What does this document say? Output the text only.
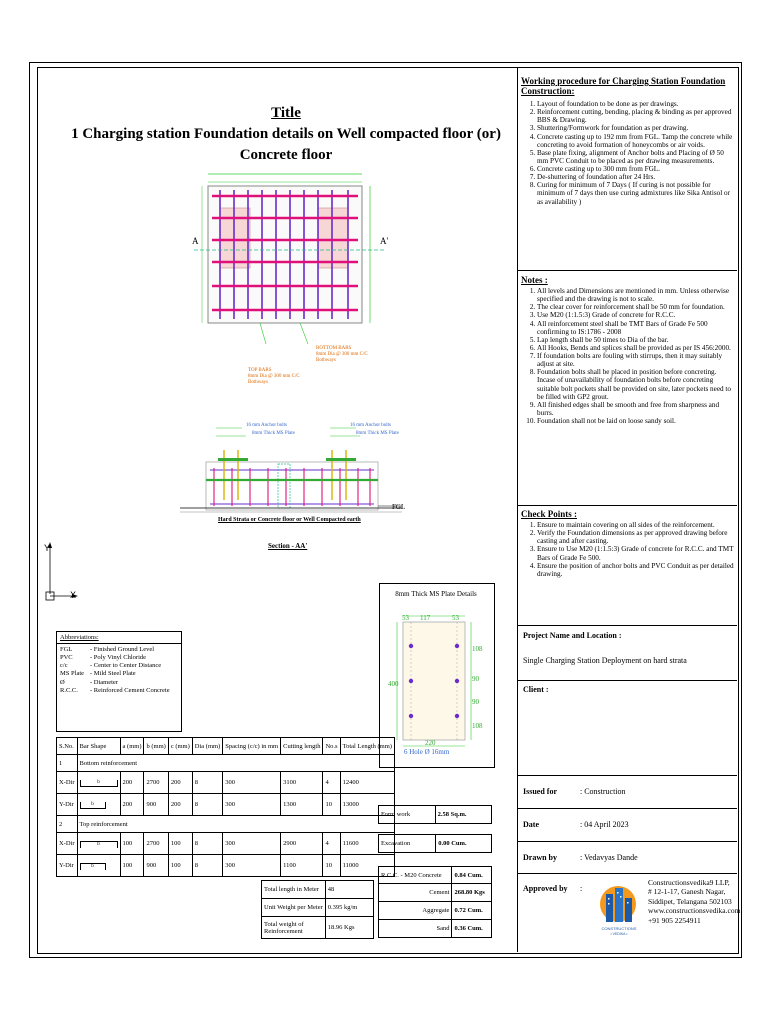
Title
1 Charging station Foundation details on Well compacted floor (or) Concrete floor
A	A'
BOTTOM BARS
8mm Dia @ 300 mm C/C
Bothways
TOP BARS
8mm Dia @ 300 mm C/C
Bothways
16 mm Anchor bolts
8mm Thick MS Plate
16 mm Anchor bolts
8mm Thick MS Plate
FGL
Hard Strata or Concrete floor or Well Compacted earth
Section - AA'
Y
X	8mm Thick MS Plate Details
53 117	53
108
90
90
108
400
220
6 Hole Ø 16mm
Working procedure for Charging Station Foundation Construction:
1. Layout of foundation to be done as per drawings.
2. Reinforcement cutting, bending, placing & binding as per approved BBS & Drawing.
3. Shuttering/Formwork for foundation as per drawing.
4. Concrete casting up to 192 mm from FGL. Tamp the concrete while concreting to avoid formation of honeycombs or air voids.
5. Base plate fixing, alignment of Anchor bolts and Placing of Ø 50 mm PVC Conduit to be placed as per drawing measurements.
6. Concrete casting up to 300 mm from FGL.
7. De-shuttering of foundation after 24 Hrs.
8. Curing for minimum of 7 Days ( If curing is not possible for minimum of 7 days then use curing admixtures like Sika Antisol or as availability )
Notes :
1. All levels and Dimensions are mentioned in mm. Unless otherwise specified and the drawing is not to scale.
2. The clear cover for reinforcement shall be 50 mm for foundation.
3. Use M20 (1:1.5:3) Grade of concrete for R.C.C.
4. All reinforcement steel shall be TMT Bars of Grade Fe 500 confirming to IS:1786 - 2008
5. Lap length shall be 50 times to Dia of the bar.
6. All Hooks, Bends and splices shall be provided as per IS 456:2000.
7. If foundation bolts are fouling with stirrups, then it may suitably adjust at site.
8. Foundation bolts shall be placed in position before concreting. Incase of unavailability of foundation bolts before concreting suitable bolt pockets shall be provided on site, later pockets need to be filled with GP2 grout.
9. All finished edges shall be smooth and free from sharpness and burrs.
10. Foundation shall not be laid on loose sandy soil.
Check Points :
1. Ensure to maintain covering on all sides of the reinforcement.
2. Verify the Foundation dimensions as per approved drawing before casting and after casting.
3. Ensure to Use M20 (1:1.5:3) Grade of concrete for R.C.C. and TMT Bars of Grade Fe 500.
4. Ensure the position of anchor bolts and PVC Conduit as per detailed drawing.
Project Name and Location :
Single Charging Station Deployment on hard strata
Client :
Issued for	: Construction
Date	: 04 April 2023
Drawn by	: Vedavyas Dande
Approved by :
CONSTRUCTIONS
• VEDIKA •
Constructionsvedika9 LLP,
# 12-1-17, Ganesh Nagar,
Siddipet, Telangana 502103
www.constructionsvedika.com
+91 905 2254911
Abbreviations:
FGL	- Finished Ground Level
PVC	- Poly Vinyl Chloride
c/c	- Center to Center Distance
MS Plate - Mild Steel Plate
Ø	- Diameter
R.C.C.	- Reinforced Cement Concrete
S.No.	Bar Shape	a (mm)	b (mm)	c (mm)	Dia (mm)	Spacing (c/c) in mm	Cutting length	No.s	Total Length (mm)
1	Bottom reinforcement								
X-Dir	b	200	2700	200	8	300	3100	4	12400
Y-Dir	b	200	900	200	8	300	1300	10	13000
2	Top reinforcement								
X-Dir	b	100	2700	100	8	300	2900	4	11600
Y-Dir	b	100	900	100	8	300	1100	10	11000
Total length in Meter	48
Unit Weight per Meter	0.395 kg/m
Total weight of Reinforcement	18.96 Kgs
Form work	2.58 Sq.m.
Excavation	0.00 Cum.
R.C.C. - M20 Concrete	0.84 Cum.
Cement	268.80 Kgs
Aggregate	0.72 Cum.
Sand	0.36 Cum.
